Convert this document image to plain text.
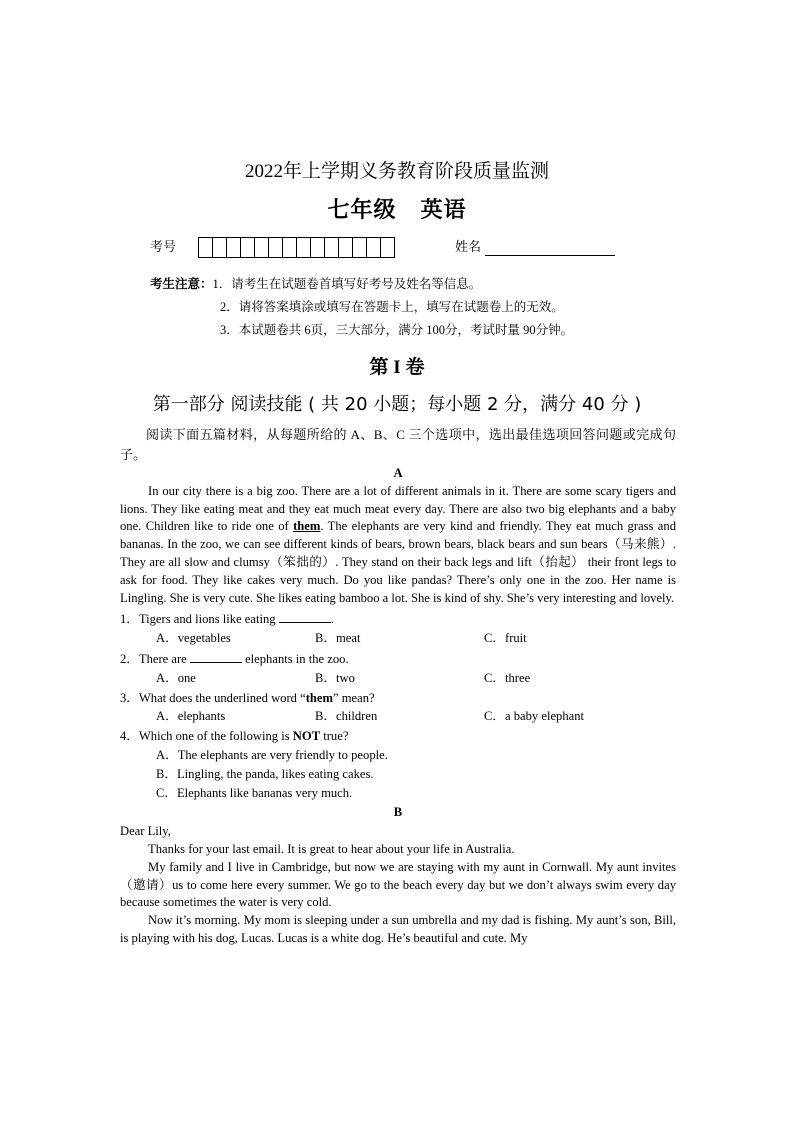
2022年上学期义务教育阶段质量监测
七年级 英语
考号	姓名
考生注意：1．请考生在试题卷首填写好考号及姓名等信息。
2．请将答案填涂或填写在答题卡上，填写在试题卷上的无效。
3．本试题卷共 6页，三大部分，满分 100分，考试时量 90分钟。
第 I 卷
第一部分 阅读技能 ( 共 20 小题；每小题 2 分，满分 40 分 )
阅读下面五篇材料，从每题所给的 A、B、C 三个选项中，选出最佳选项回答问题或完成句子。

A

In our city there is a big zoo. There are a lot of different animals in it. There are some scary tigers and lions. They like eating meat and they eat much meat every day. There are also two big elephants and a baby one. Children like to ride one of them. The elephants are very kind and friendly. They eat much grass and bananas. In the zoo, we can see different kinds of bears, brown bears, black bears and sun bears（马来熊）. They are all slow and clumsy（笨拙的）. They stand on their back legs and lift（抬起） their front legs to ask for food. They like cakes very much. Do you like pandas? There’s only one in the zoo. Her name is Lingling. She is very cute. She likes eating bamboo a lot. She is kind of shy. She’s very interesting and lovely.

1．Tigers and lions like eating	.

A．vegetables	B．meat	C．fruit

2．There are	elephants in the zoo.

A．one	B．two	C．three

3．What does the underlined word “them” mean?

A．elephants	B．children	C．a baby elephant

4．Which one of the following is NOT true?

A．The elephants are very friendly to people.

B．Lingling, the panda, likes eating cakes.

C．Elephants like bananas very much.

B

Dear Lily,

Thanks for your last email. It is great to hear about your life in Australia.

My family and I live in Cambridge, but now we are staying with my aunt in Cornwall. My aunt invites（邀请）us to come here every summer. We go to the beach every day but we don’t always swim every day because sometimes the water is very cold.

Now it’s morning. My mom is sleeping under a sun umbrella and my dad is fishing. My aunt’s son, Bill, is playing with his dog, Lucas. Lucas is a white dog. He’s beautiful and cute. My
